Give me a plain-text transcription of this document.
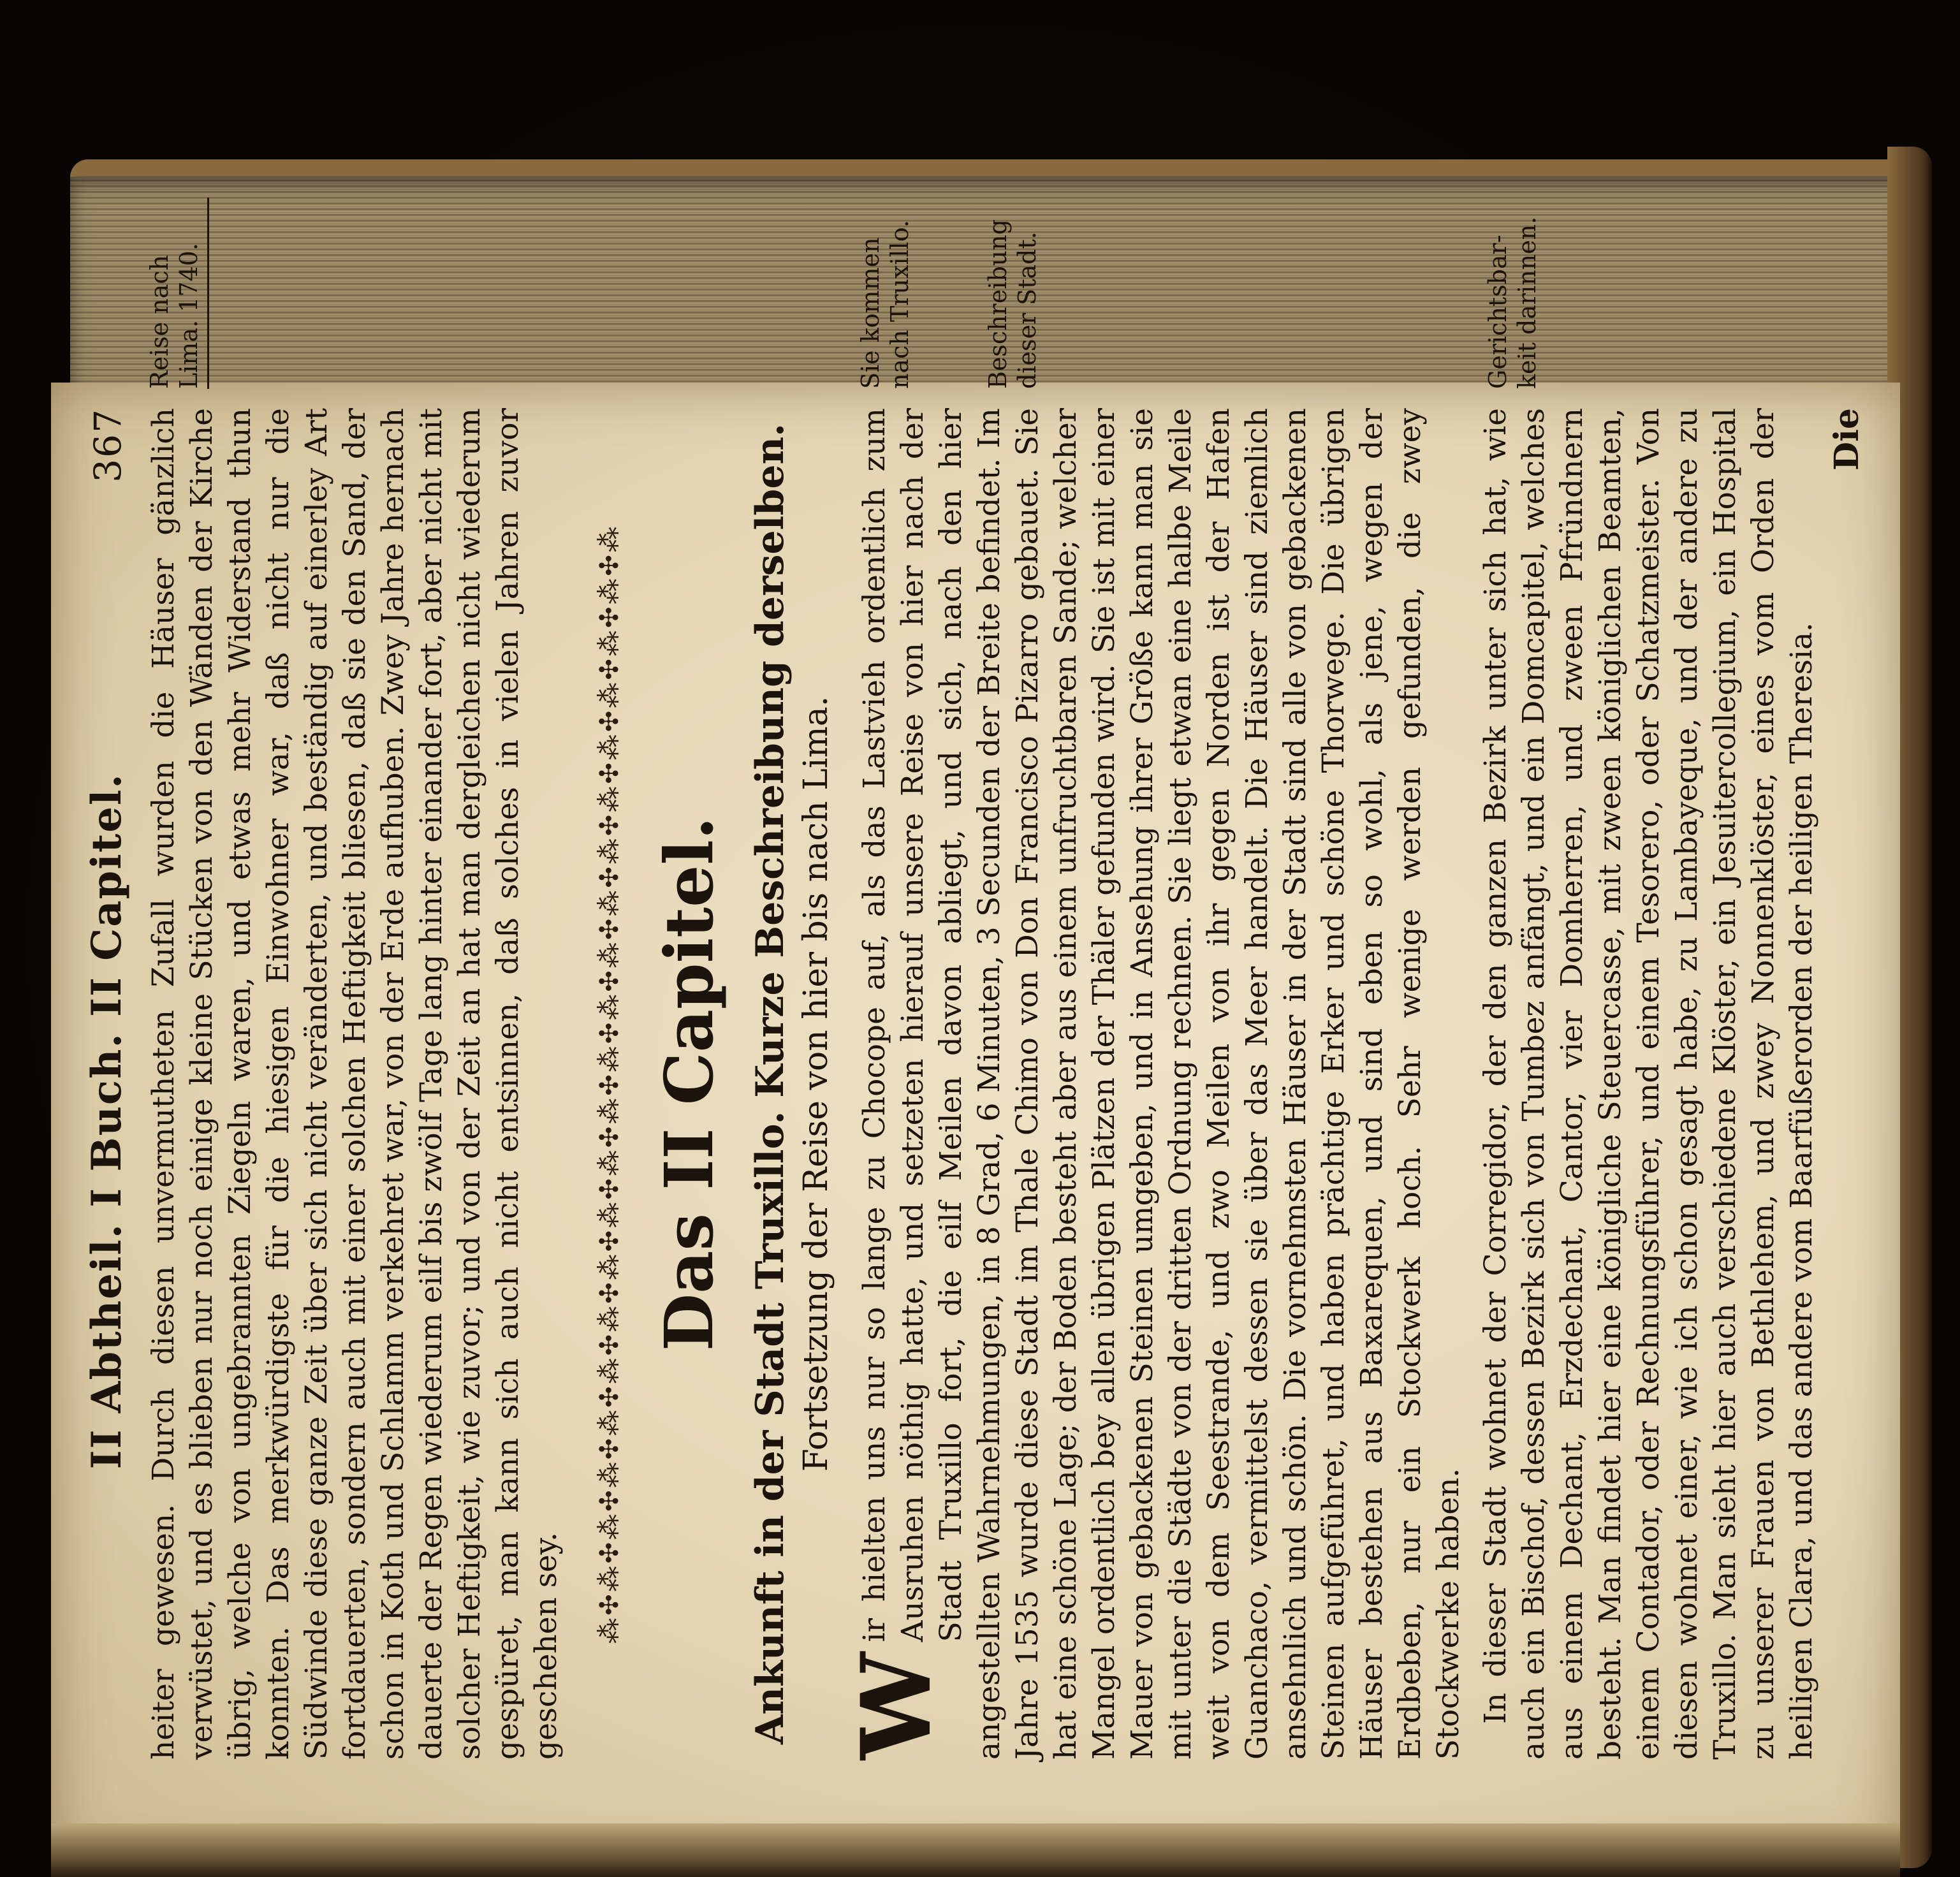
II Abtheil. I Buch. II Capitel.
367 heiter gewesen. Durch diesen unvermutheten Zufall wurden die Häuser gänzlich verwüstet, und es blieben nur noch einige kleine Stücken von den Wänden der Kirche übrig, welche von ungebrannten Ziegeln waren, und etwas mehr Widerstand thun konnten. Das merkwürdigste für die hiesigen Einwohner war, daß nicht nur die Südwinde diese ganze Zeit über sich nicht veränderten, und beständig auf einerley Art fortdauerten, sondern auch mit einer solchen Heftigkeit bliesen, daß sie den Sand, der schon in Koth und Schlamm verkehret war, von der Erde aufhuben. Zwey Jahre hernach dauerte der Regen wiederum eilf bis zwölf Tage lang hinter einander fort, aber nicht mit solcher Heftigkeit, wie zuvor; und von der Zeit an hat man dergleichen nicht wiederum gespüret, man kann sich auch nicht entsinnen, daß solches in vielen Jahren zuvor geschehen sey.

Reise nach Lima. 1740.
⁂✣⁂✣⁂✣⁂✣⁂✣⁂✣⁂✣⁂✣⁂✣⁂✣⁂✣⁂✣⁂✣⁂✣⁂✣⁂✣⁂✣⁂✣⁂✣⁂✣⁂✣⁂ Das II Capitel. Ankunft in der Stadt Truxillo. Kurze Beschreibung derselben. Fortsetzung der Reise von hier bis nach Lima.

W
ir hielten uns nur so lange zu Chocope auf, als das Lastvieh ordentlich zum Ausruhen nöthig hatte, und setzeten hierauf unsere Reise von hier nach der Stadt Truxillo fort, die eilf Meilen davon abliegt, und sich, nach den hier angestellten Wahrnehmungen, in 8 Grad, 6 Minuten, 3 Secunden der Breite befindet. Im Jahre 1535 wurde diese Stadt im Thale Chimo von Don Francisco Pizarro gebauet. Sie hat eine schöne Lage; der Boden besteht aber aus einem unfruchtbaren Sande; welcher Mangel ordentlich bey allen übrigen Plätzen der Thäler gefunden wird. Sie ist mit einer Mauer von gebackenen Steinen umgeben, und in Ansehung ihrer Größe kann man sie mit unter die Städte von der dritten Ordnung rechnen. Sie liegt etwan eine halbe Meile weit von dem Seestrande, und zwo Meilen von ihr gegen Norden ist der Hafen Guanchaco, vermittelst dessen sie über das Meer handelt. Die Häuser sind ziemlich ansehnlich und schön. Die vornehmsten Häuser in der Stadt sind alle von gebackenen Steinen aufgeführet, und haben prächtige Erker und schöne Thorwege. Die übrigen Häuser bestehen aus Baxarequen, und sind eben so wohl, als jene, wegen der Erdbeben, nur ein Stockwerk hoch. Sehr wenige werden gefunden, die zwey Stockwerke haben.

Sie kommen nach Truxillo.	Beschreibung dieser Stadt.

In dieser Stadt wohnet der Corregidor, der den ganzen Bezirk unter sich hat, wie auch ein Bischof, dessen Bezirk sich von Tumbez anfängt, und ein Domcapitel, welches aus einem Dechant, Erzdechant, Cantor, vier Domherren, und zween Pfründnern besteht. Man findet hier eine königliche Steuercasse, mit zween königlichen Beamten, einem Contador, oder Rechnungsführer, und einem Tesorero, oder Schatzmeister. Von diesen wohnet einer, wie ich schon gesagt habe, zu Lambayeque, und der andere zu Truxillo. Man sieht hier auch verschiedene Klöster, ein Jesuitercollegium, ein Hospital zu unserer Frauen von Bethlehem, und zwey Nonnenklöster, eines vom Orden der heiligen Clara, und das andere vom Baarfüßerorden der heiligen Theresia.

Gerichtsbar- keit darinnen.
Die
